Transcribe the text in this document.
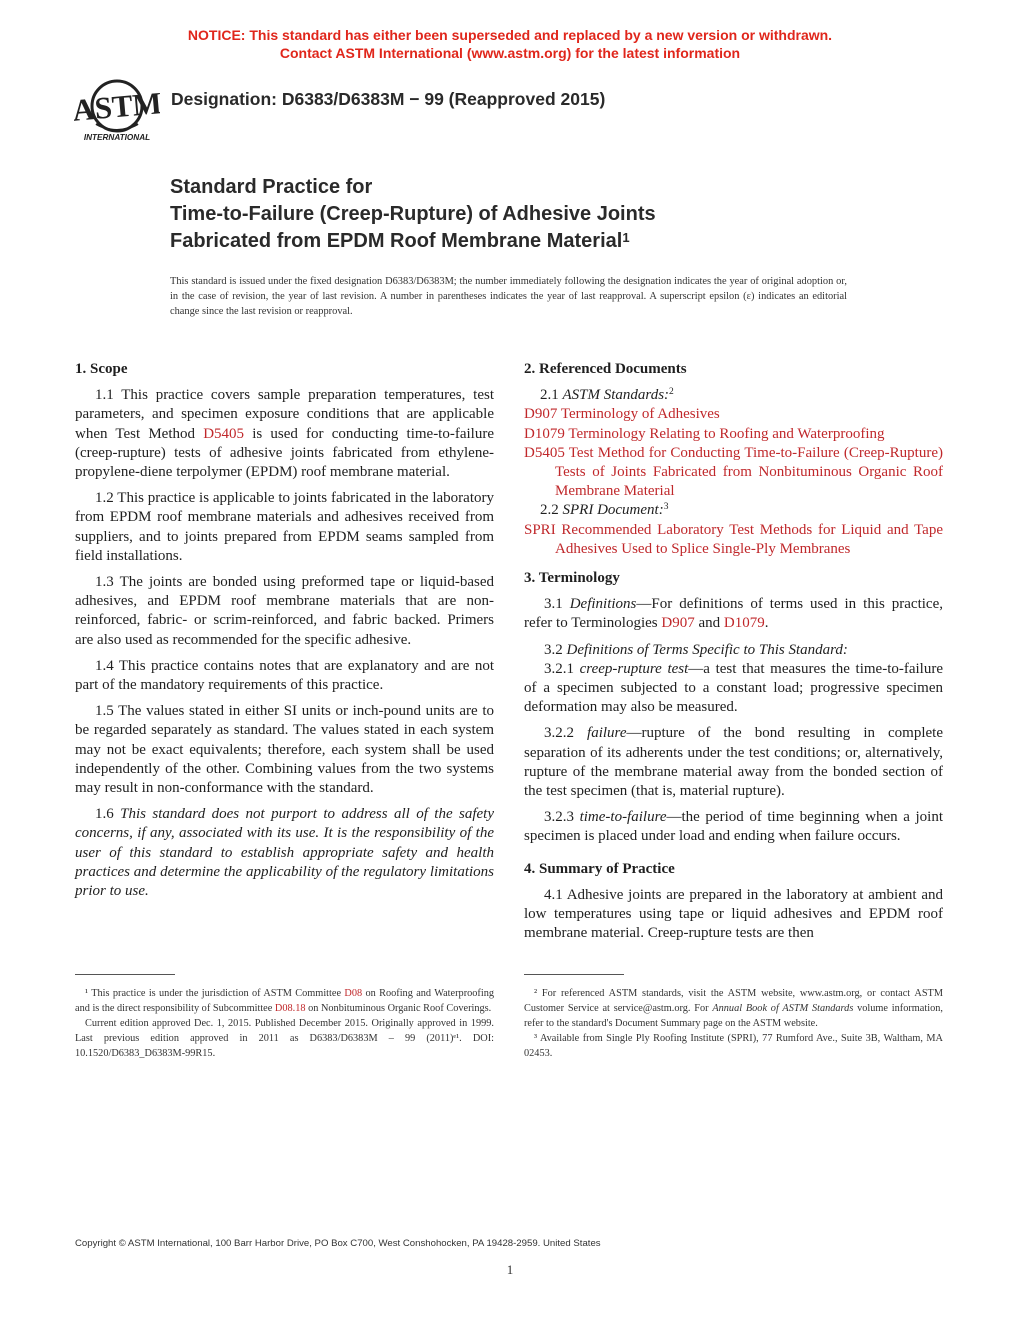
NOTICE: This standard has either been superseded and replaced by a new version or withdrawn.
Contact ASTM International (www.astm.org) for the latest information
ASTM
INTERNATIONAL
Designation: D6383/D6383M − 99 (Reapproved 2015)
Standard Practice for
Time-to-Failure (Creep-Rupture) of Adhesive Joints
Fabricated from EPDM Roof Membrane Material$^1$
This standard is issued under the fixed designation D6383/D6383M; the number immediately following the designation indicates the year of original adoption or, in the case of revision, the year of last revision. A number in parentheses indicates the year of last reapproval. A superscript epsilon (ε) indicates an editorial change since the last revision or reapproval.
1. Scope

1.1 This practice covers sample preparation temperatures, test parameters, and specimen exposure conditions that are applicable when Test Method D5405 is used for conducting time-to-failure (creep-rupture) tests of adhesive joints fabricated from ethylene-propylene-diene terpolymer (EPDM) roof membrane material.

1.2 This practice is applicable to joints fabricated in the laboratory from EPDM roof membrane materials and adhesives received from suppliers, and to joints prepared from EPDM seams sampled from field installations.

1.3 The joints are bonded using preformed tape or liquid-based adhesives, and EPDM roof membrane materials that are non-reinforced, fabric- or scrim-reinforced, and fabric backed. Primers are also used as recommended for the specific adhesive.

1.4 This practice contains notes that are explanatory and are not part of the mandatory requirements of this practice.

1.5 The values stated in either SI units or inch-pound units are to be regarded separately as standard. The values stated in each system may not be exact equivalents; therefore, each system shall be used independently of the other. Combining values from the two systems may result in non-conformance with the standard.

1.6 This standard does not purport to address all of the safety concerns, if any, associated with its use. It is the responsibility of the user of this standard to establish appropriate safety and health practices and determine the applicability of the regulatory limitations prior to use.

¹ This practice is under the jurisdiction of ASTM Committee D08 on Roofing and Waterproofing and is the direct responsibility of Subcommittee D08.18 on Nonbituminous Organic Roof Coverings.

Current edition approved Dec. 1, 2015. Published December 2015. Originally approved in 1999. Last previous edition approved in 2011 as D6383/D6383M – 99 (2011)ᵉ¹. DOI: 10.1520/D6383_D6383M-99R15.

2. Referenced Documents

2.1 ASTM Standards:$^2$

D907 Terminology of Adhesives

D1079 Terminology Relating to Roofing and Waterproofing

D5405 Test Method for Conducting Time-to-Failure (Creep-Rupture) Tests of Joints Fabricated from Nonbituminous Organic Roof Membrane Material

2.2 SPRI Document:$^3$

SPRI Recommended Laboratory Test Methods for Liquid and Tape Adhesives Used to Splice Single-Ply Membranes

3. Terminology

3.1 Definitions—For definitions of terms used in this practice, refer to Terminologies D907 and D1079.

3.2 Definitions of Terms Specific to This Standard:

3.2.1 creep-rupture test—a test that measures the time-to-failure of a specimen subjected to a constant load; progressive specimen deformation may also be measured.

3.2.2 failure—rupture of the bond resulting in complete separation of its adherents under the test conditions; or, alternatively, rupture of the membrane material away from the bonded section of the test specimen (that is, material rupture).

3.2.3 time-to-failure—the period of time beginning when a joint specimen is placed under load and ending when failure occurs.

4. Summary of Practice

4.1 Adhesive joints are prepared in the laboratory at ambient and low temperatures using tape or liquid adhesives and EPDM roof membrane material. Creep-rupture tests are then

² For referenced ASTM standards, visit the ASTM website, www.astm.org, or contact ASTM Customer Service at service@astm.org. For Annual Book of ASTM Standards volume information, refer to the standard's Document Summary page on the ASTM website.

³ Available from Single Ply Roofing Institute (SPRI), 77 Rumford Ave., Suite 3B, Waltham, MA 02453.

Copyright © ASTM International, 100 Barr Harbor Drive, PO Box C700, West Conshohocken, PA 19428-2959. United States
1
